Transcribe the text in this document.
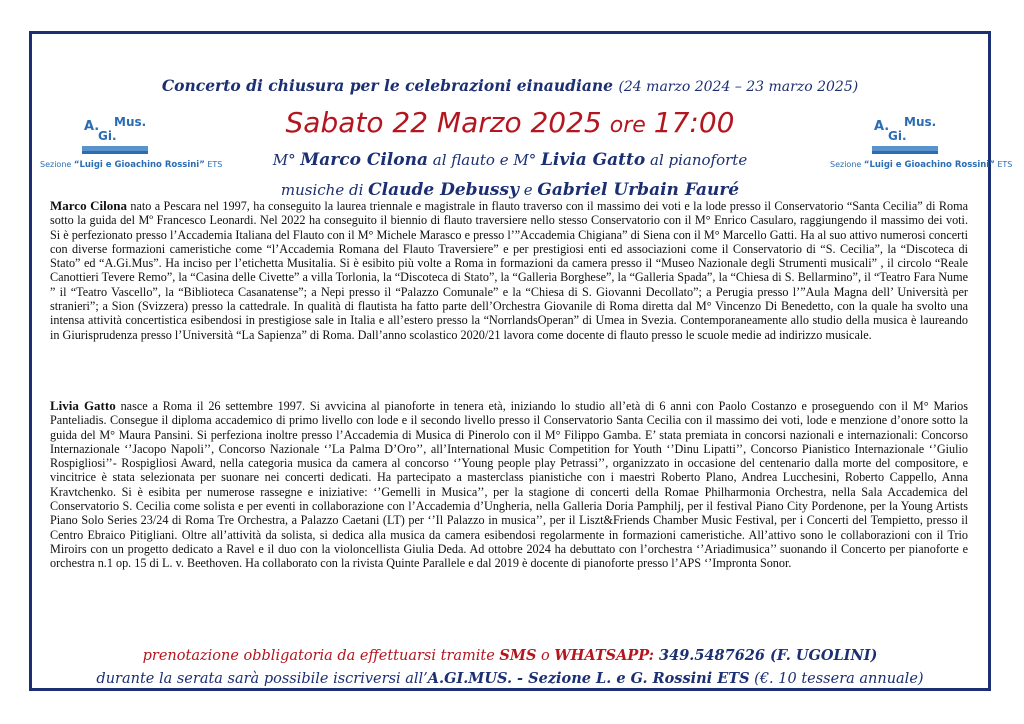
Concerto di chiusura per le celebrazioni einaudiane (24 marzo 2024 – 23 marzo 2025)
Sabato 22 Marzo 2025 ore 17:00
M° Marco Cilona al flauto e M° Livia Gatto al pianoforte
musiche di Claude Debussy e Gabriel Urbain Fauré
A.
Gi.
Mus.
Sezione “Luigi e Gioachino Rossini” ETS
A.
Gi.
Mus.
Sezione “Luigi e Gioachino Rossini” ETS
Marco Cilona nato a Pescara nel 1997, ha conseguito la laurea triennale e magistrale in flauto traverso con il massimo dei voti e la lode presso il Conservatorio “Santa Cecilia” di Roma sotto la guida del Mº Francesco Leonardi. Nel 2022 ha conseguito il biennio di flauto traversiere nello stesso Conservatorio con il M° Enrico Casularo, raggiungendo il massimo dei voti. Si è perfezionato presso l’Accademia Italiana del Flauto con il M° Michele Marasco e presso l’”Accademia Chigiana” di Siena con il M° Marcello Gatti. Ha al suo attivo numerosi concerti con diverse formazioni cameristiche come “l’Accademia Romana del Flauto Traversiere” e per prestigiosi enti ed associazioni come il Conservatorio di “S. Cecilia”, la “Discoteca di Stato” ed “A.Gi.Mus”. Ha inciso per l’etichetta Musitalia. Si è esibito più volte a Roma in formazioni da camera presso il “Museo Nazionale degli Strumenti musicali” , il circolo “Reale Canottieri Tevere Remo”, la “Casina delle Civette” a villa Torlonia, la “Discoteca di Stato”, la “Galleria Borghese”, la “Galleria Spada”, la “Chiesa di S. Bellarmino”, il “Teatro Fara Nume ” il “Teatro Vascello”, la “Biblioteca Casanatense”; a Nepi presso il “Palazzo Comunale” e la “Chiesa di S. Giovanni Decollato”; a Perugia presso l’”Aula Magna dell’ Università per stranieri”; a Sion (Svizzera) presso la cattedrale. In qualità di flautista ha fatto parte dell’Orchestra Giovanile di Roma diretta dal M° Vincenzo Di Benedetto, con la quale ha svolto una intensa attività concertistica esibendosi in prestigiose sale in Italia e all’estero presso la “NorrlandsOperan” di Umea in Svezia. Contemporaneamente allo studio della musica è laureando in Giurisprudenza presso l’Università “La Sapienza” di Roma. Dall’anno scolastico 2020/21 lavora come docente di flauto presso le scuole medie ad indirizzo musicale.
Livia Gatto nasce a Roma il 26 settembre 1997. Si avvicina al pianoforte in tenera età, iniziando lo studio all’età di 6 anni con Paolo Costanzo e proseguendo con il M° Marios Panteliadis. Consegue il diploma accademico di primo livello con lode e il secondo livello presso il Conservatorio Santa Cecilia con il massimo dei voti, lode e menzione d’onore sotto la guida del M° Maura Pansini. Si perfeziona inoltre presso l’Accademia di Musica di Pinerolo con il M° Filippo Gamba. E’ stata premiata in concorsi nazionali e internazionali: Concorso Internazionale ‘’Jacopo Napoli’’, Concorso Nazionale ‘’La Palma D’Oro’’, all’International Music Competition for Youth ‘’Dinu Lipatti’’, Concorso Pianistico Internazionale ‘’Giulio Rospigliosi’’- Rospigliosi Award, nella categoria musica da camera al concorso ‘’Young people play Petrassi’’, organizzato in occasione del centenario dalla morte del compositore, e vincitrice è stata selezionata per suonare nei concerti dedicati. Ha partecipato a masterclass pianistiche con i maestri Roberto Plano, Andrea Lucchesini, Roberto Cappello, Anna Kravtchenko. Si è esibita per numerose rassegne e iniziative: ‘’Gemelli in Musica’’, per la stagione di concerti della Romae Philharmonia Orchestra, nella Sala Accademica del Conservatorio S. Cecilia come solista e per eventi in collaborazione con l’Accademia d’Ungheria, nella Galleria Doria Pamphilj, per il festival Piano City Pordenone, per la Young Artists Piano Solo Series 23/24 di Roma Tre Orchestra, a Palazzo Caetani (LT) per ‘’Il Palazzo in musica’’, per il Liszt&Friends Chamber Music Festival, per i Concerti del Tempietto, presso il Centro Ebraico Pitigliani. Oltre all’attività da solista, si dedica alla musica da camera esibendosi regolarmente in formazioni cameristiche. All’attivo sono le collaborazioni con il Trio Miroirs con un progetto dedicato a Ravel e il duo con la violoncellista Giulia Deda. Ad ottobre 2024 ha debuttato con l’orchestra ‘’Ariadimusica’’ suonando il Concerto per pianoforte e orchestra n.1 op. 15 di L. v. Beethoven. Ha collaborato con la rivista Quinte Parallele e dal 2019 è docente di pianoforte presso l’APS ‘’Impronta Sonor.
prenotazione obbligatoria da effettuarsi tramite SMS o WHATSAPP: 349.5487626 (F. UGOLINI)
durante la serata sarà possibile iscriversi all’A.GI.MUS. - Sezione L. e G. Rossini ETS (€. 10 tessera annuale)
